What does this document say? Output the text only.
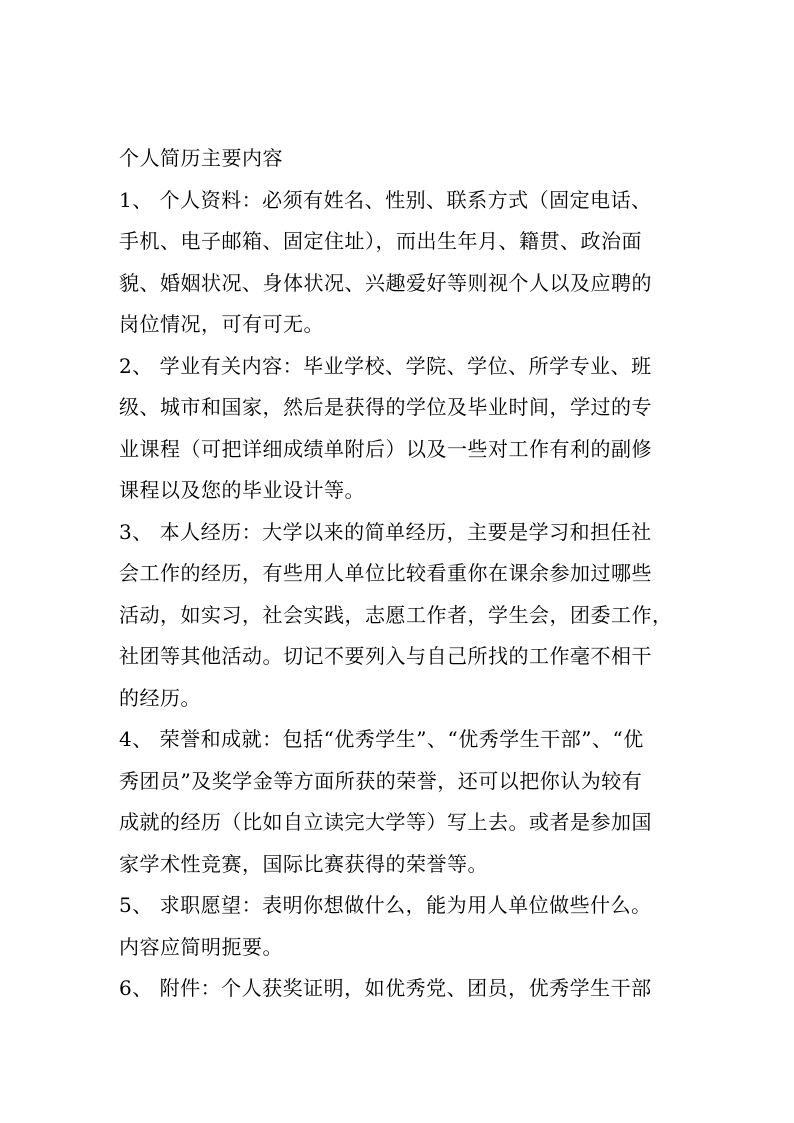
个人简历主要内容
1、 个人资料：必须有姓名、性别、联系方式（固定电话、
手机、电子邮箱、固定住址），而出生年月、籍贯、政治面
貌、婚姻状况、身体状况、兴趣爱好等则视个人以及应聘的
岗位情况，可有可无。
2、 学业有关内容：毕业学校、学院、学位、所学专业、班
级、城市和国家，然后是获得的学位及毕业时间，学过的专
业课程（可把详细成绩单附后）以及一些对工作有利的副修
课程以及您的毕业设计等。
3、 本人经历：大学以来的简单经历，主要是学习和担任社
会工作的经历，有些用人单位比较看重你在课余参加过哪些
活动，如实习，社会实践，志愿工作者，学生会，团委工作，
社团等其他活动。切记不要列入与自己所找的工作毫不相干
的经历。
4、 荣誉和成就：包括“优秀学生”、“优秀学生干部”、“优
秀团员”及奖学金等方面所获的荣誉，还可以把你认为较有
成就的经历（比如自立读完大学等）写上去。或者是参加国
家学术性竞赛，国际比赛获得的荣誉等。
5、 求职愿望：表明你想做什么，能为用人单位做些什么。
内容应简明扼要。
6、 附件：个人获奖证明，如优秀党、团员，优秀学生干部
